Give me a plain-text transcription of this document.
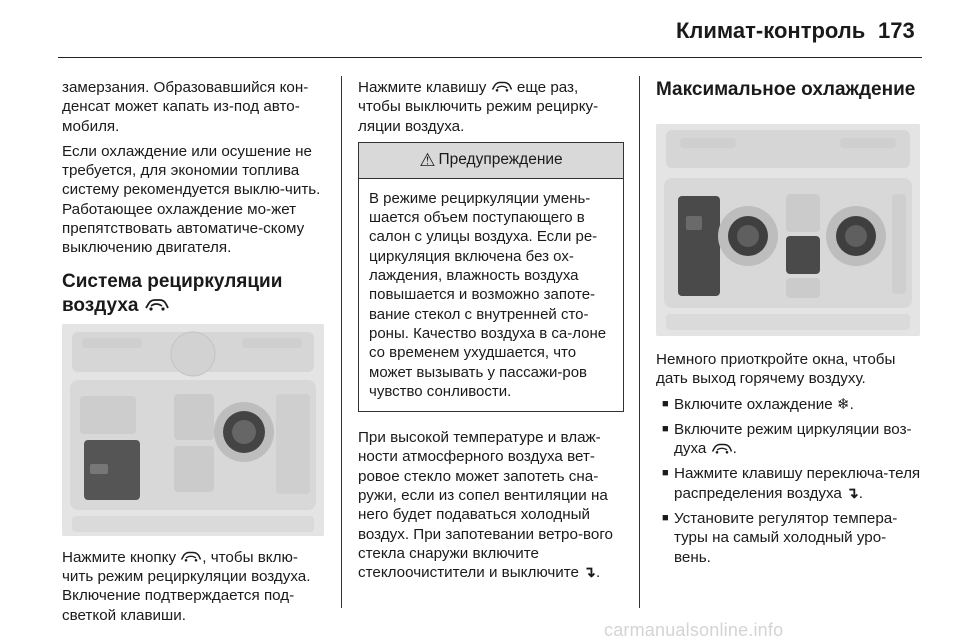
Климат-контроль 173

замерзания. Образовавшийся кон-денсат может капать из-под авто-мобиля.

Если охлаждение или осушение не требуется, для экономии топлива систему рекомендуется выклю-чить. Работающее охлаждение мо-жет препятствовать автоматиче-скому выключению двигателя.

Система рециркуляции
воздуха

Нажмите кнопку , чтобы вклю-чить режим рециркуляции воздуха. Включение подтверждается под-светкой клавиши.

Нажмите клавишу еще раз, чтобы выключить режим рецирку-ляции воздуха.

⚠ Предупреждение
В режиме рециркуляции умень-шается объем поступающего в салон с улицы воздуха. Если ре-циркуляция включена без ох-лаждения, влажность воздуха повышается и возможно запоте-вание стекол с внутренней сто-роны. Качество воздуха в са-лоне со временем ухудшается, что может вызывать у пассажи-ров чувство сонливости.

При высокой температуре и влаж-ности атмосферного воздуха вет-ровое стекло может запотеть сна-ружи, если из сопел вентиляции на него будет подаваться холодный воздух. При запотевании ветро-вого стекла снаружи включите стеклоочистители и выключите ↴.

Максимальное охлаждение

Немного приоткройте окна, чтобы дать выход горячему воздуху.

■ Включите охлаждение ❄.
■ Включите режим циркуляции воз-духа .
■ Нажмите клавишу переключа-теля распределения воздуха ↴.
■ Установите регулятор темпера-туры на самый холодный уро-вень.
carmanualsonline.info
